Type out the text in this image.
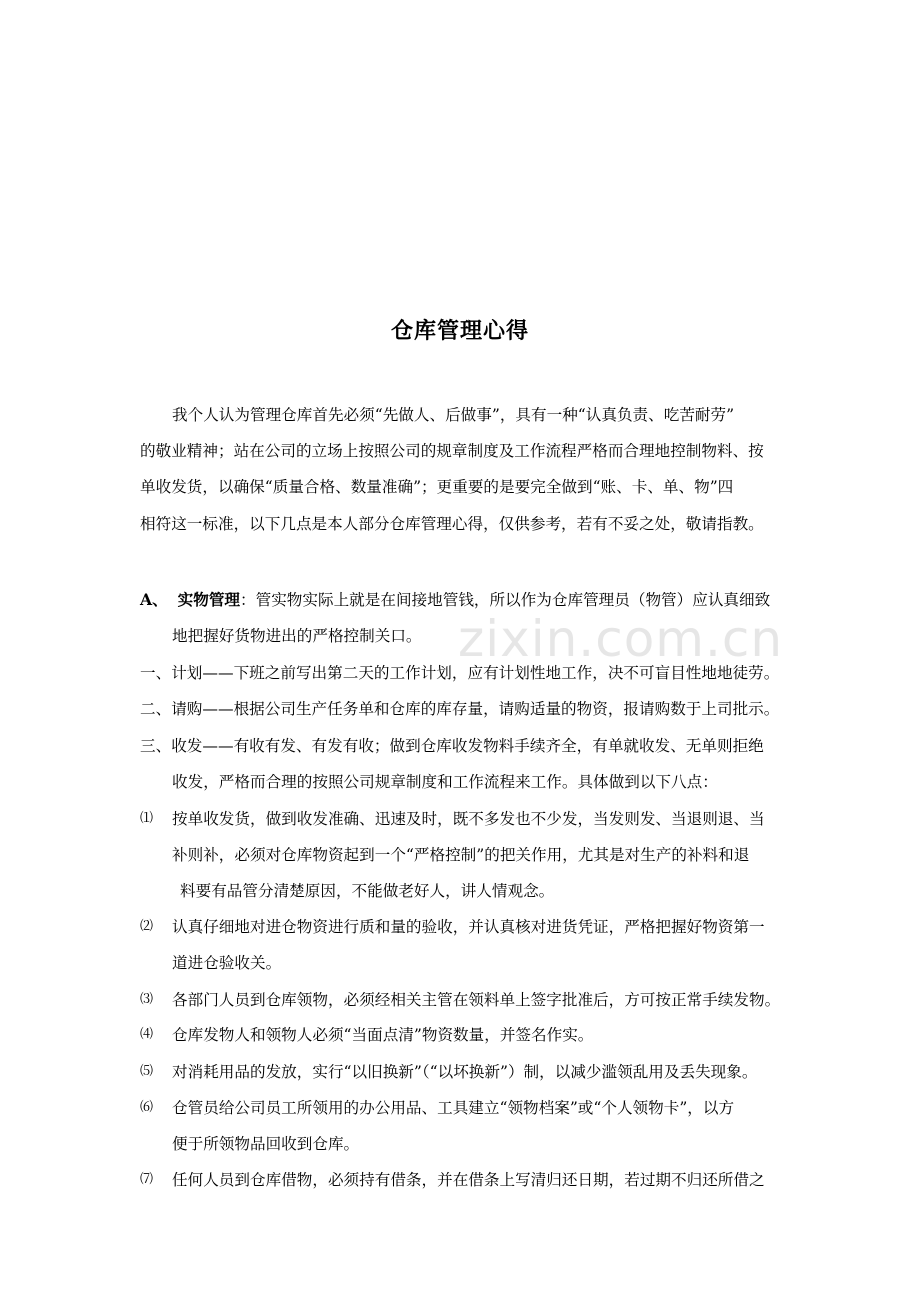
zixin.com.cn
仓库管理心得
我个人认为管理仓库首先必须“先做人、后做事”，具有一种“认真负责、吃苦耐劳”
的敬业精神；站在公司的立场上按照公司的规章制度及工作流程严格而合理地控制物料、按
单收发货，以确保“质量合格、数量准确”；更重要的是要完全做到“账、卡、单、物”四
相符这一标准，以下几点是本人部分仓库管理心得，仅供参考，若有不妥之处，敬请指教。
A、 实物管理：管实物实际上就是在间接地管钱，所以作为仓库管理员（物管）应认真细致
地把握好货物进出的严格控制关口。
一、计划——下班之前写出第二天的工作计划，应有计划性地工作，决不可盲目性地地徒劳。
二、请购——根据公司生产任务单和仓库的库存量，请购适量的物资，报请购数于上司批示。
三、收发——有收有发、有发有收；做到仓库收发物料手续齐全，有单就收发、无单则拒绝
收发，严格而合理的按照公司规章制度和工作流程来工作。具体做到以下八点：
⑴ 按单收发货，做到收发准确、迅速及时，既不多发也不少发，当发则发、当退则退、当
补则补，必须对仓库物资起到一个“严格控制”的把关作用，尤其是对生产的补料和退
料要有品管分清楚原因，不能做老好人，讲人情观念。
⑵ 认真仔细地对进仓物资进行质和量的验收，并认真核对进货凭证，严格把握好物资第一
道进仓验收关。
⑶ 各部门人员到仓库领物，必须经相关主管在领料单上签字批准后，方可按正常手续发物。
⑷ 仓库发物人和领物人必须“当面点清”物资数量，并签名作实。
⑸ 对消耗用品的发放，实行“以旧换新”（“以坏换新”）制，以减少滥领乱用及丢失现象。
⑹ 仓管员给公司员工所领用的办公用品、工具建立“领物档案”或“个人领物卡”，以方
便于所领物品回收到仓库。
⑺ 任何人员到仓库借物，必须持有借条，并在借条上写清归还日期，若过期不归还所借之
